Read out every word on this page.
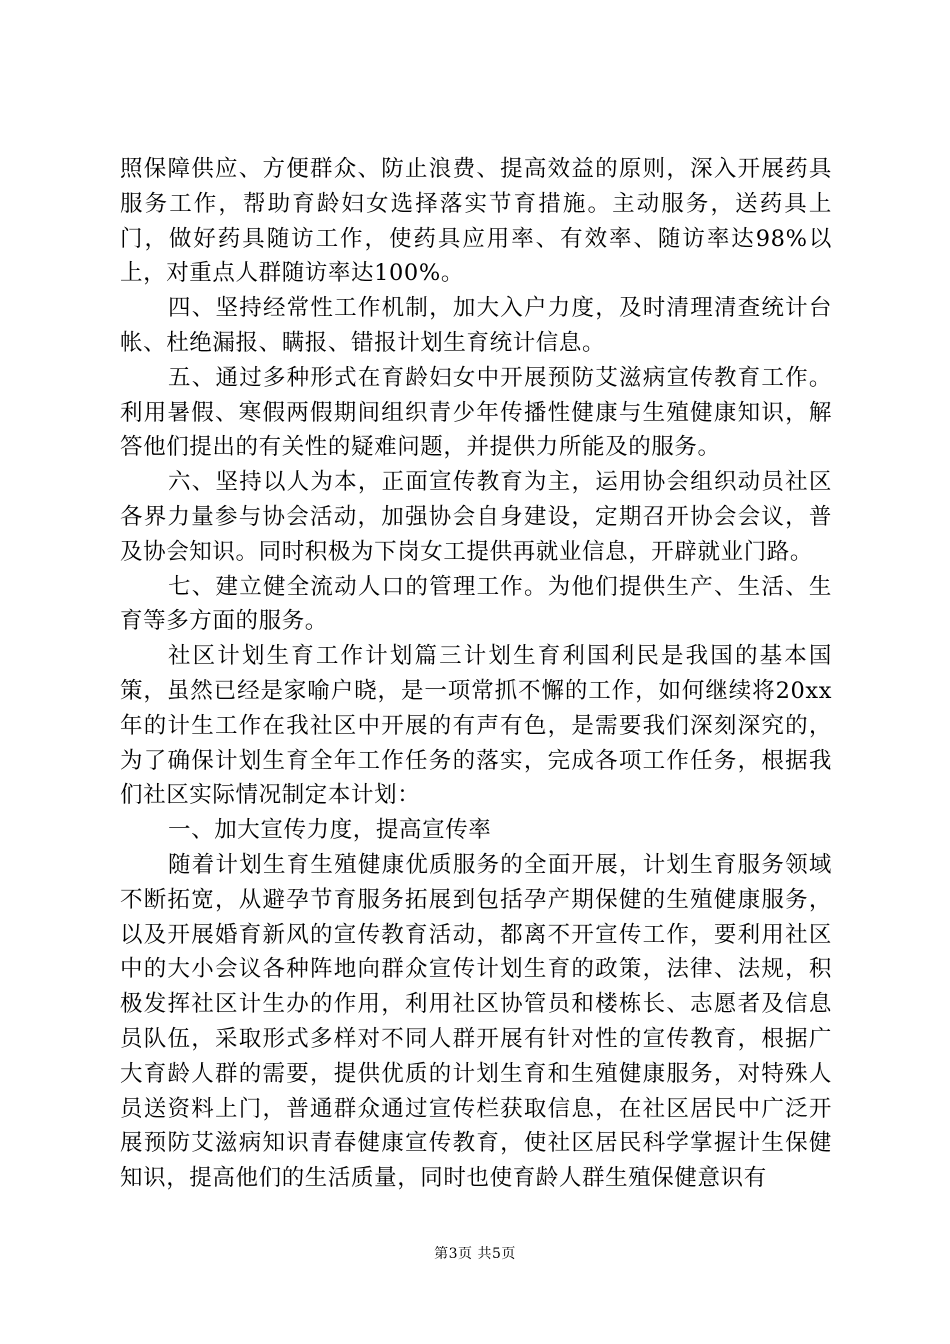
照保障供应、方便群众、防止浪费、提高效益的原则，深入开展药具服务工作，帮助育龄妇女选择落实节育措施。主动服务，送药具上门，做好药具随访工作，使药具应用率、有效率、随访率达98%以上，对重点人群随访率达100%。

四、坚持经常性工作机制，加大入户力度，及时清理清查统计台帐、杜绝漏报、瞒报、错报计划生育统计信息。

五、通过多种形式在育龄妇女中开展预防艾滋病宣传教育工作。利用暑假、寒假两假期间组织青少年传播性健康与生殖健康知识，解答他们提出的有关性的疑难问题，并提供力所能及的服务。

六、坚持以人为本，正面宣传教育为主，运用协会组织动员社区各界力量参与协会活动，加强协会自身建设，定期召开协会会议，普及协会知识。同时积极为下岗女工提供再就业信息，开辟就业门路。

七、建立健全流动人口的管理工作。为他们提供生产、生活、生育等多方面的服务。

社区计划生育工作计划篇三计划生育利国利民是我国的基本国策，虽然已经是家喻户晓，是一项常抓不懈的工作，如何继续将20xx年的计生工作在我社区中开展的有声有色，是需要我们深刻深究的，为了确保计划生育全年工作任务的落实，完成各项工作任务，根据我们社区实际情况制定本计划：

一、加大宣传力度，提高宣传率

随着计划生育生殖健康优质服务的全面开展，计划生育服务领域不断拓宽，从避孕节育服务拓展到包括孕产期保健的生殖健康服务，以及开展婚育新风的宣传教育活动，都离不开宣传工作，要利用社区中的大小会议各种阵地向群众宣传计划生育的政策，法律、法规，积极发挥社区计生办的作用，利用社区协管员和楼栋长、志愿者及信息员队伍，采取形式多样对不同人群开展有针对性的宣传教育，根据广大育龄人群的需要，提供优质的计划生育和生殖健康服务，对特殊人员送资料上门，普通群众通过宣传栏获取信息，在社区居民中广泛开展预防艾滋病知识青春健康宣传教育，使社区居民科学掌握计生保健知识，提高他们的生活质量，同时也使育龄人群生殖保健意识有

第3页 共5页
